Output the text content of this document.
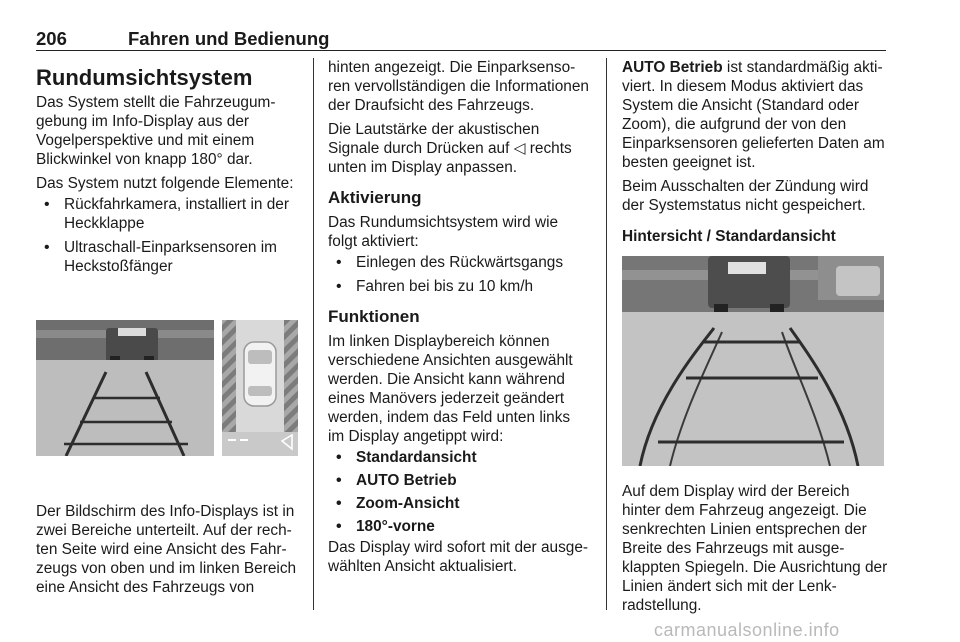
206	Fahren und Bedienung
Rundumsichtsystem

Das System stellt die Fahrzeugumgebung im Info-Display aus der Vogelperspektive und mit einem Blickwinkel von knapp 180° dar.

Das System nutzt folgende Elemente:

• Rückfahrkamera, installiert in der Heckklappe
• Ultraschall-Einparksensoren im Heckstoßfänger

Der Bildschirm des Info-Displays ist in zwei Bereiche unterteilt. Auf der rechten Seite wird eine Ansicht des Fahrzeugs von oben und im linken Bereich eine Ansicht des Fahrzeugs von

hinten angezeigt. Die Einparksensoren vervollständigen die Informationen der Draufsicht des Fahrzeugs.

Die Lautstärke der akustischen Signale durch Drücken auf ◁ rechts unten im Display anpassen.

Aktivierung

Das Rundumsichtsystem wird wie folgt aktiviert:

• Einlegen des Rückwärtsgangs
• Fahren bei bis zu 10 km/h
Funktionen

Im linken Displaybereich können verschiedene Ansichten ausgewählt werden. Die Ansicht kann während eines Manövers jederzeit geändert werden, indem das Feld unten links im Display angetippt wird:

• Standardansicht
• AUTO Betrieb
• Zoom-Ansicht
• 180°-vorne

Das Display wird sofort mit der ausgewählten Ansicht aktualisiert.

AUTO Betrieb ist standardmäßig aktiviert. In diesem Modus aktiviert das System die Ansicht (Standard oder Zoom), die aufgrund der von den Einparksensoren gelieferten Daten am besten geeignet ist.

Beim Ausschalten der Zündung wird der Systemstatus nicht gespeichert.

Hintersicht / Standardansicht

Auf dem Display wird der Bereich hinter dem Fahrzeug angezeigt. Die senkrechten Linien entsprechen der Breite des Fahrzeugs mit ausgeklappten Spiegeln. Die Ausrichtung der Linien ändert sich mit der Lenkradstellung.

carmanualsonline.info
